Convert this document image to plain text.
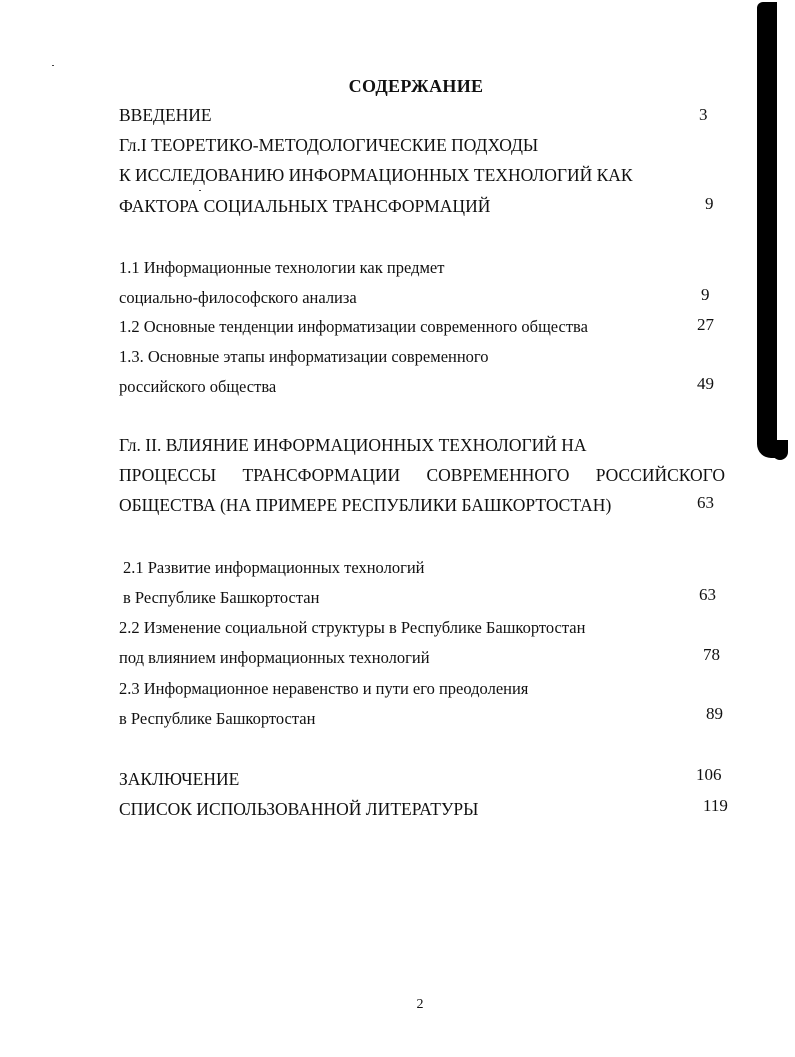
СОДЕРЖАНИЕ
ВВЕДЕНИЕ	3
Гл.I ТЕОРЕТИКО-МЕТОДОЛОГИЧЕСКИЕ ПОДХОДЫ
К ИССЛЕДОВАНИЮ ИНФОРМАЦИОННЫХ ТЕХНОЛОГИЙ КАК
ФАКТОРА СОЦИАЛЬНЫХ ТРАНСФОРМАЦИЙ	9
1.1 Информационные технологии как предмет
социально-философского анализа	9
1.2 Основные тенденции информатизации современного общества	27
1.3. Основные этапы информатизации современного
российского общества	49
Гл. II. ВЛИЯНИЕ ИНФОРМАЦИОННЫХ ТЕХНОЛОГИЙ НА
ПРОЦЕССЫ ТРАНСФОРМАЦИИ СОВРЕМЕННОГО РОССИЙСКОГО
ОБЩЕСТВА (НА ПРИМЕРЕ РЕСПУБЛИКИ БАШКОРТОСТАН)	63
2.1 Развитие информационных технологий
в Республике Башкортостан	63
2.2 Изменение социальной структуры в Республике Башкортостан
под влиянием информационных технологий	78
2.3 Информационное неравенство и пути его преодоления
в Республике Башкортостан	89
ЗАКЛЮЧЕНИЕ	106
СПИСОК ИСПОЛЬЗОВАННОЙ ЛИТЕРАТУРЫ	119
2
